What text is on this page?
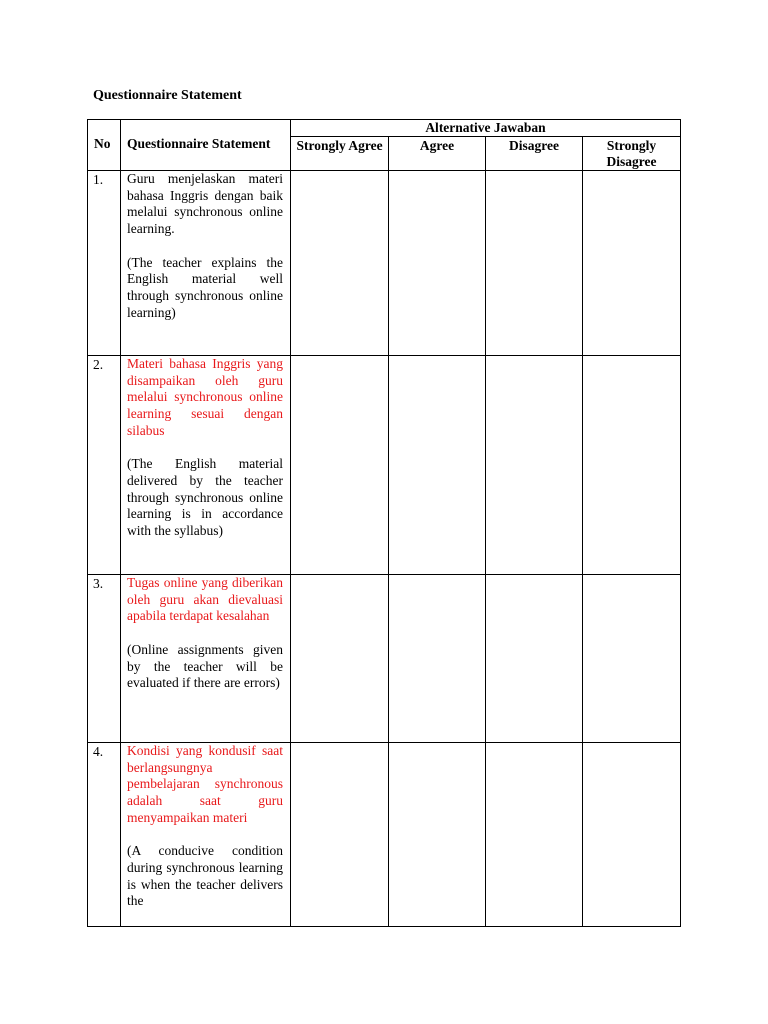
Questionnaire Statement
No	Questionnaire Statement	Alternative Jawaban			
		Strongly Agree	Agree	Disagree	Strongly Disagree
1.	Guru menjelaskan materi bahasa Inggris dengan baik melalui synchronous online learning.

(The teacher explains the English material well through synchronous online learning)				

2.	Materi bahasa Inggris yang disampaikan oleh guru melalui synchronous online learning sesuai dengan silabus

(The English material delivered by the teacher through synchronous online learning is in accordance with the syllabus)				

3.	Tugas online yang diberikan oleh guru akan dievaluasi apabila terdapat kesalahan

(Online assignments given by the teacher will be evaluated if there are errors)				

4.	Kondisi yang kondusif saat berlangsungnya pembelajaran synchronous adalah saat guru menyampaikan materi

(A conducive condition during synchronous learning is when the teacher delivers the				
